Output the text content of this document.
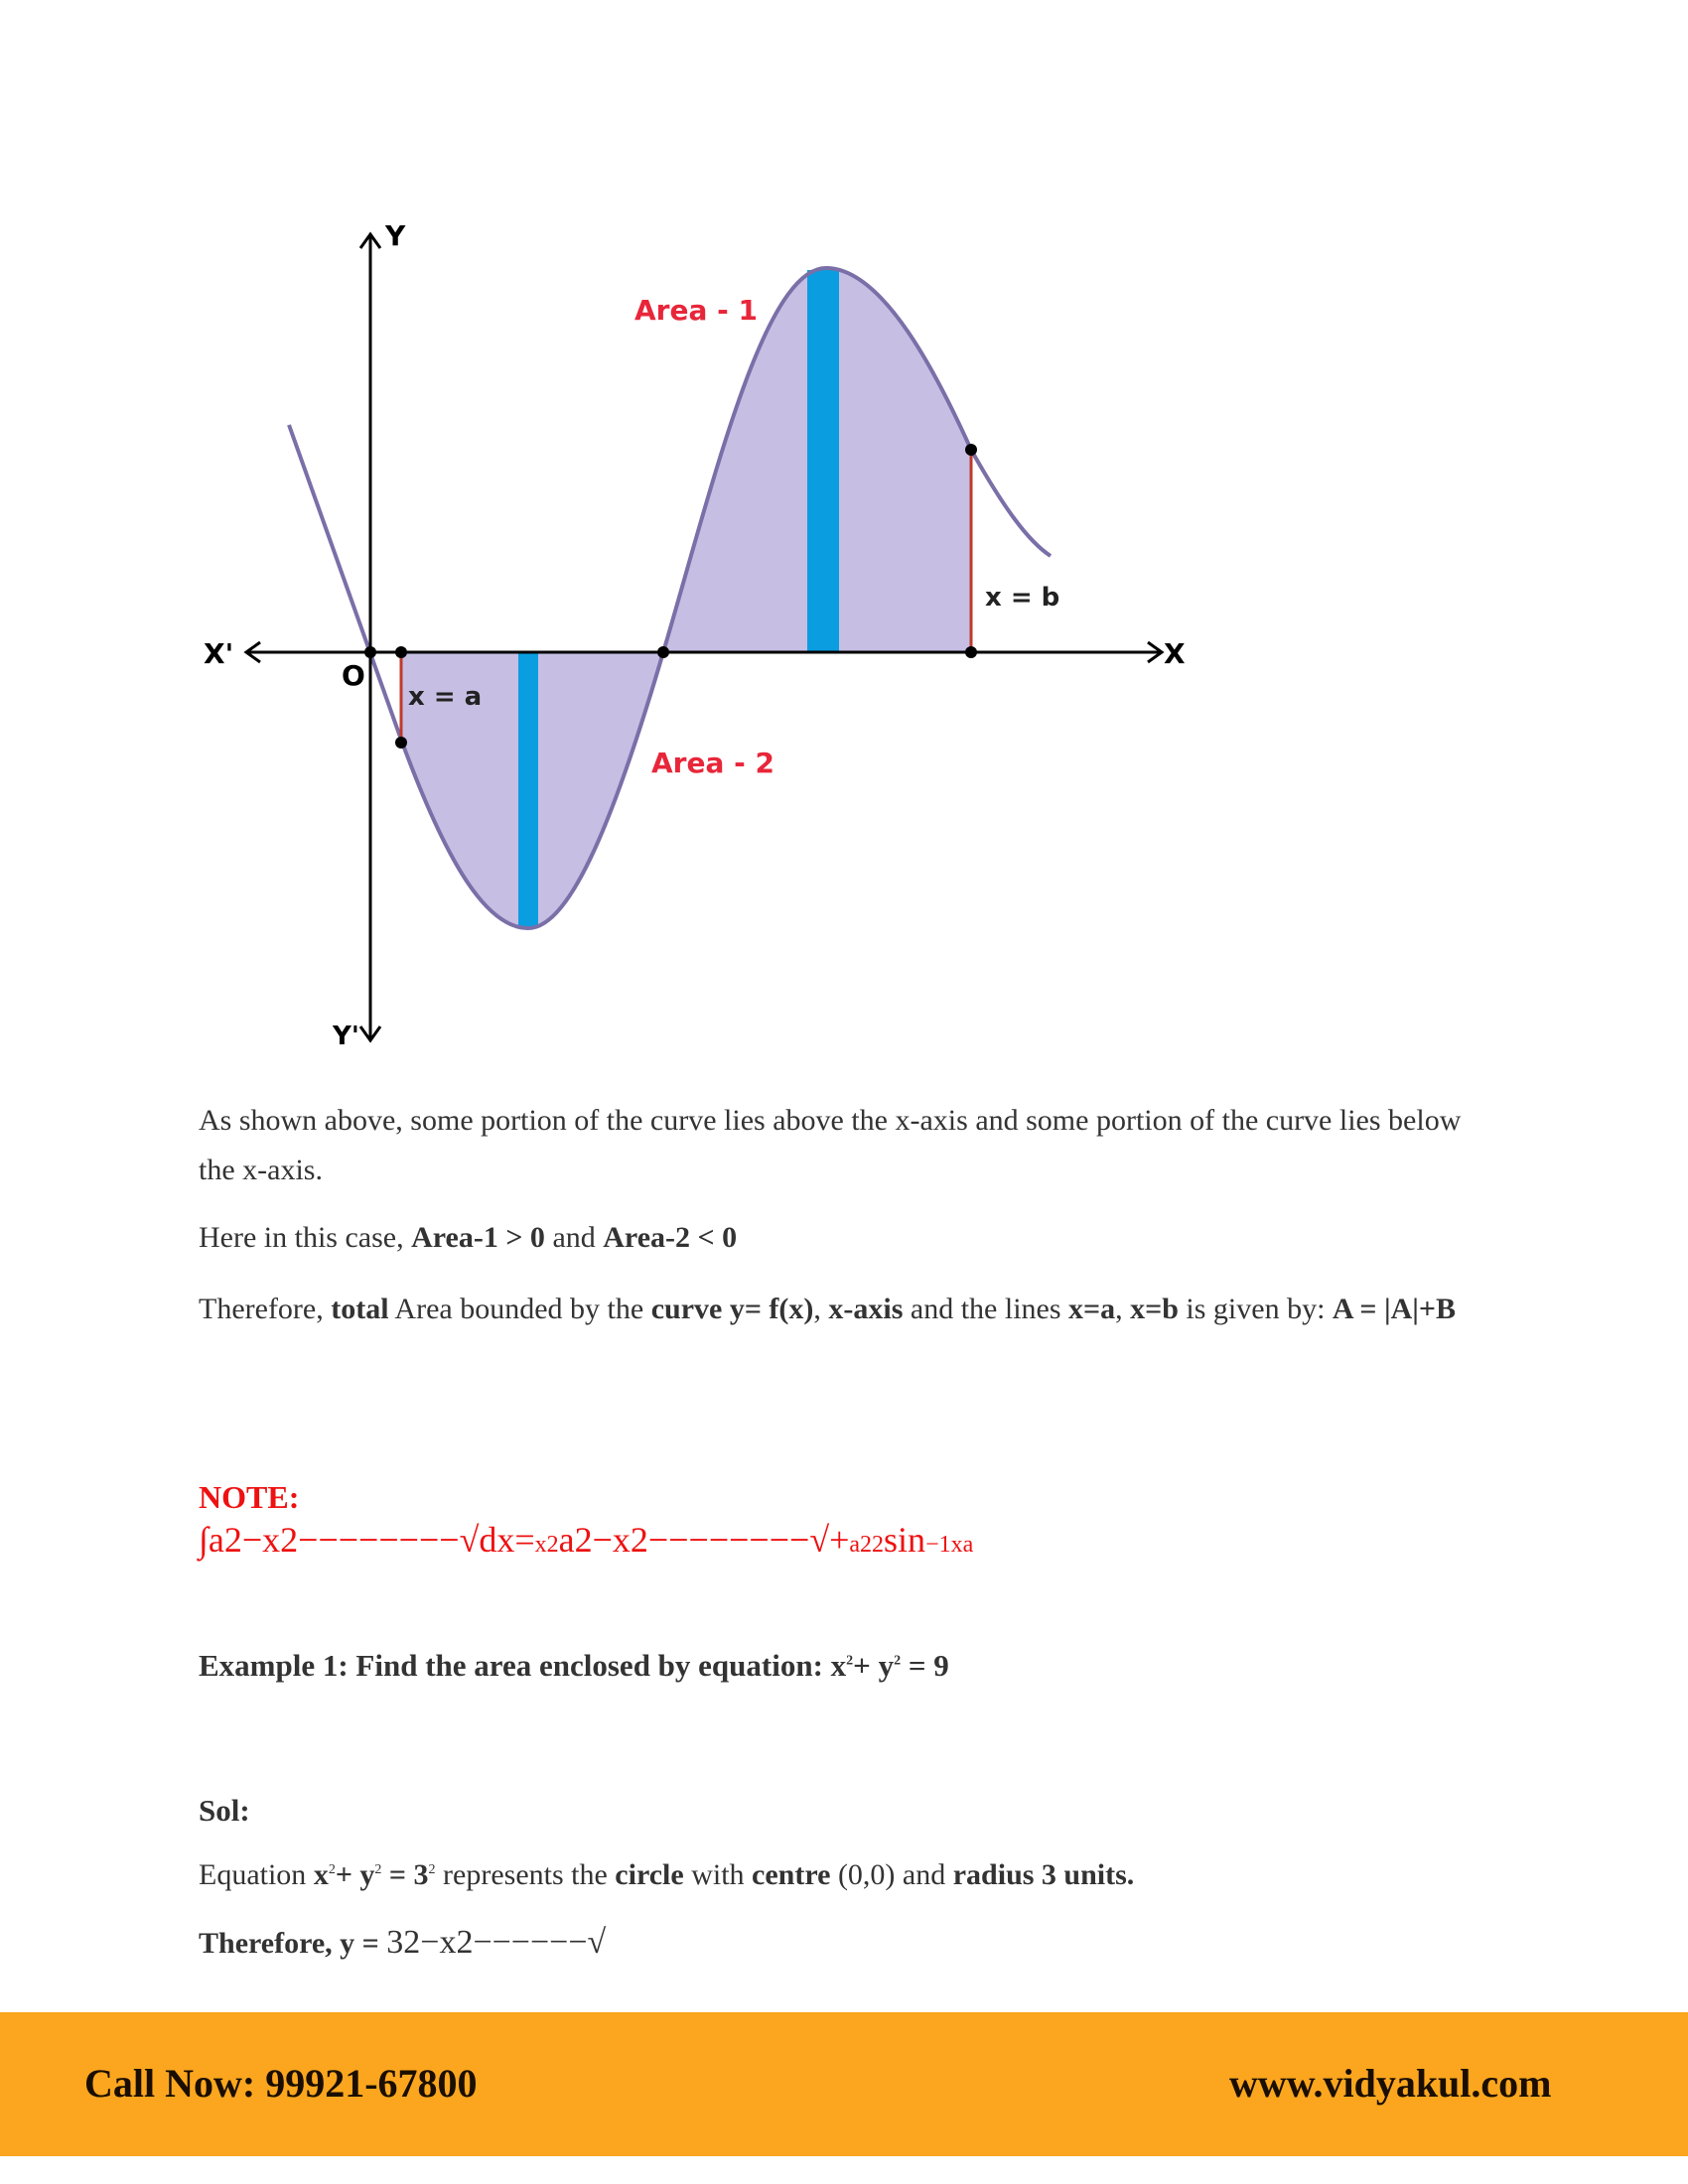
Y
Y'
X
X'
O
x = a
x = b
Area - 1
Area - 2
As shown above, some portion of the curve lies above the x-axis and some portion of the curve lies below the x-axis.
Here in this case, Area-1 > 0 and Area-2 < 0
Therefore, total Area bounded by the curve y= f(x), x-axis and the lines x=a, x=b is given by: A = |A|+B
NOTE:
∫a2−x2−−−−−−−−√dx=x2a2−x2−−−−−−−−√+a22sin−1xa
Example 1: Find the area enclosed by equation: $x^2+ y^2 = 9$
Sol:
Equation $x^2+ y^2 = 3^2$ represents the circle with centre (0,0) and radius 3 units.
Therefore, y = 32−x2−−−−−−√
Call Now: 99921-67800	www.vidyakul.com
